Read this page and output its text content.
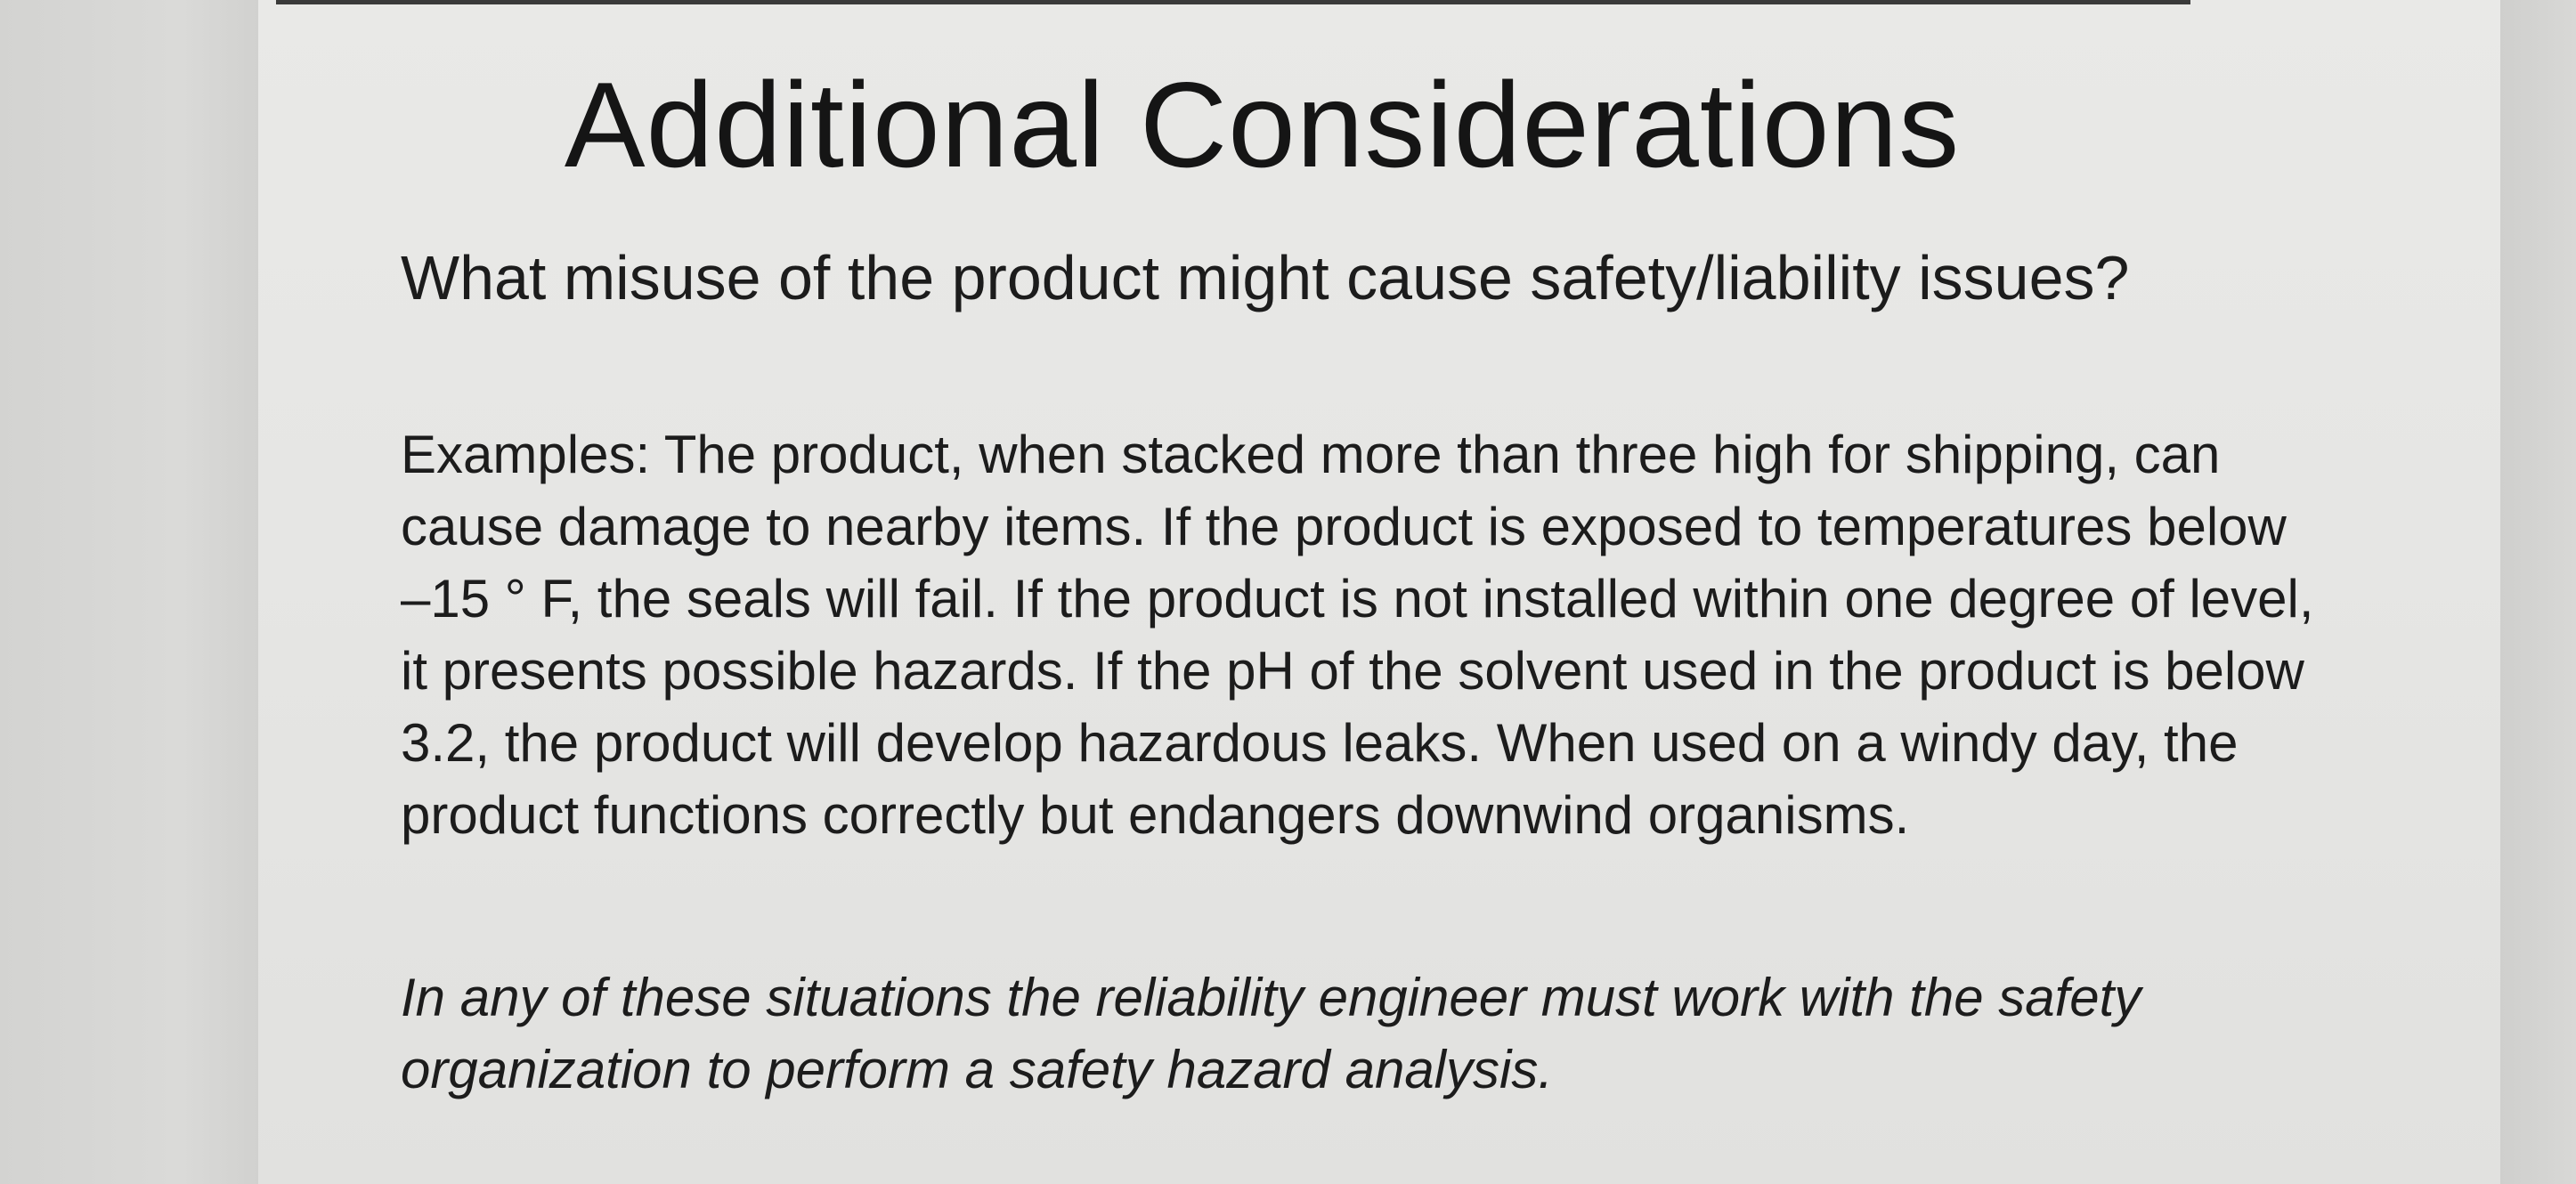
Additional Considerations

What misuse of the product might cause safety/liability issues?

Examples: The product, when stacked more than three high for shipping, can cause damage to nearby items. If the product is exposed to temperatures below –15 ° F, the seals will fail. If the product is not installed within one degree of level, it presents possible hazards. If the pH of the solvent used in the product is below 3.2, the product will develop hazardous leaks. When used on a windy day, the product functions correctly but endangers downwind organisms.

In any of these situations the reliability engineer must work with the safety organization to perform a safety hazard analysis.
